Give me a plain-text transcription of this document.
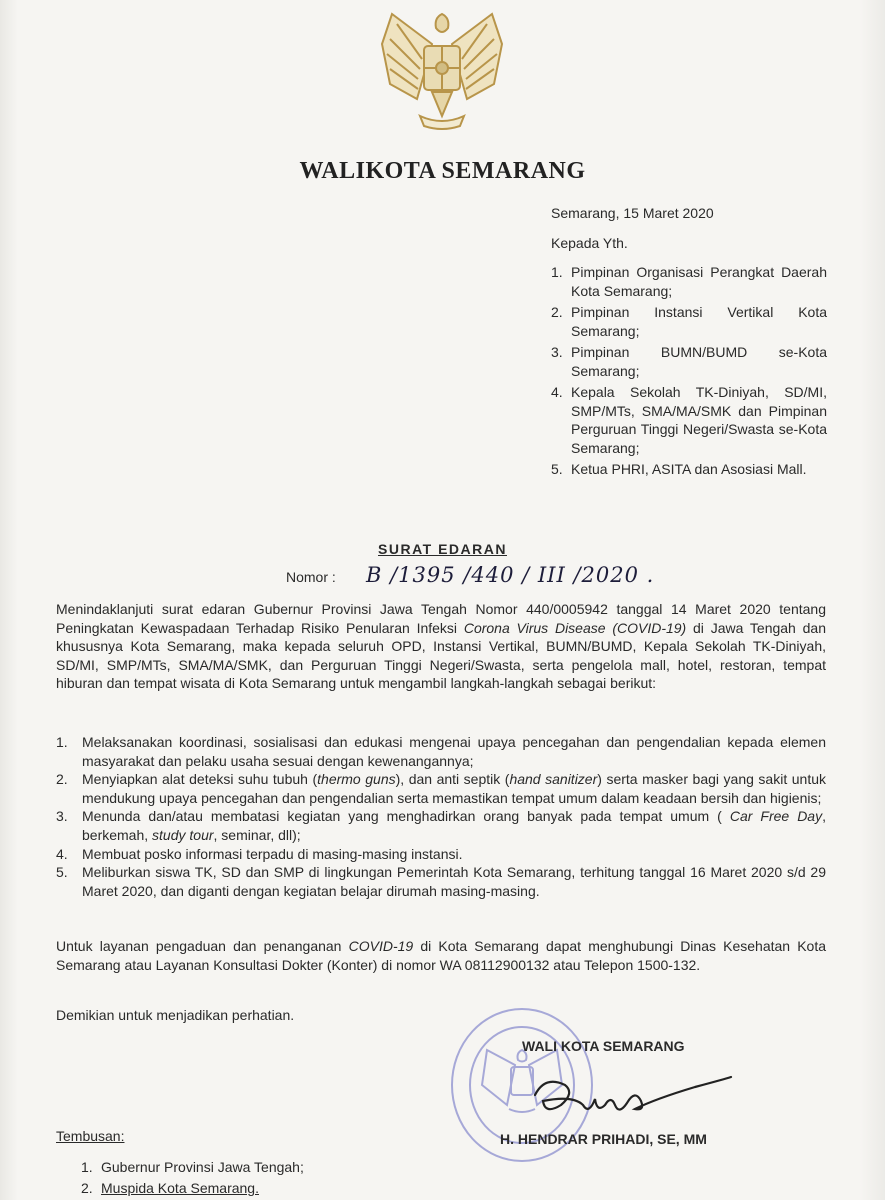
WALIKOTA SEMARANG
Semarang, 15 Maret 2020
Kepada Yth.
1. Pimpinan Organisasi Perangkat Daerah Kota Semarang;
2. Pimpinan Instansi Vertikal Kota Semarang;
3. Pimpinan BUMN/BUMD se-Kota Semarang;
4. Kepala Sekolah TK-Diniyah, SD/MI, SMP/MTs, SMA/MA/SMK dan Pimpinan Perguruan Tinggi Negeri/Swasta se-Kota Semarang;
5. Ketua PHRI, ASITA dan Asosiasi Mall.
SURAT EDARAN
Nomor : B /1395 /440 / III /2020 .

Menindaklanjuti surat edaran Gubernur Provinsi Jawa Tengah Nomor 440/0005942 tanggal 14 Maret 2020 tentang Peningkatan Kewaspadaan Terhadap Risiko Penularan Infeksi Corona Virus Disease (COVID-19) di Jawa Tengah dan khususnya Kota Semarang, maka kepada seluruh OPD, Instansi Vertikal, BUMN/BUMD, Kepala Sekolah TK-Diniyah, SD/MI, SMP/MTs, SMA/MA/SMK, dan Perguruan Tinggi Negeri/Swasta, serta pengelola mall, hotel, restoran, tempat hiburan dan tempat wisata di Kota Semarang untuk mengambil langkah-langkah sebagai berikut:

1. Melaksanakan koordinasi, sosialisasi dan edukasi mengenai upaya pencegahan dan pengendalian kepada elemen masyarakat dan pelaku usaha sesuai dengan kewenangannya;
2. Menyiapkan alat deteksi suhu tubuh (thermo guns), dan anti septik (hand sanitizer) serta masker bagi yang sakit untuk mendukung upaya pencegahan dan pengendalian serta memastikan tempat umum dalam keadaan bersih dan higienis;
3. Menunda dan/atau membatasi kegiatan yang menghadirkan orang banyak pada tempat umum ( Car Free Day, berkemah, study tour, seminar, dll);
4. Membuat posko informasi terpadu di masing-masing instansi.
5. Meliburkan siswa TK, SD dan SMP di lingkungan Pemerintah Kota Semarang, terhitung tanggal 16 Maret 2020 s/d 29 Maret 2020, dan diganti dengan kegiatan belajar dirumah masing-masing.

Untuk layanan pengaduan dan penanganan COVID-19 di Kota Semarang dapat menghubungi Dinas Kesehatan Kota Semarang atau Layanan Konsultasi Dokter (Konter) di nomor WA 08112900132 atau Telepon 1500-132.

Demikian untuk menjadikan perhatian.

WALI KOTA SEMARANG
H. HENDRAR PRIHADI, SE, MM
Tembusan:
1. Gubernur Provinsi Jawa Tengah;
2. Muspida Kota Semarang.
